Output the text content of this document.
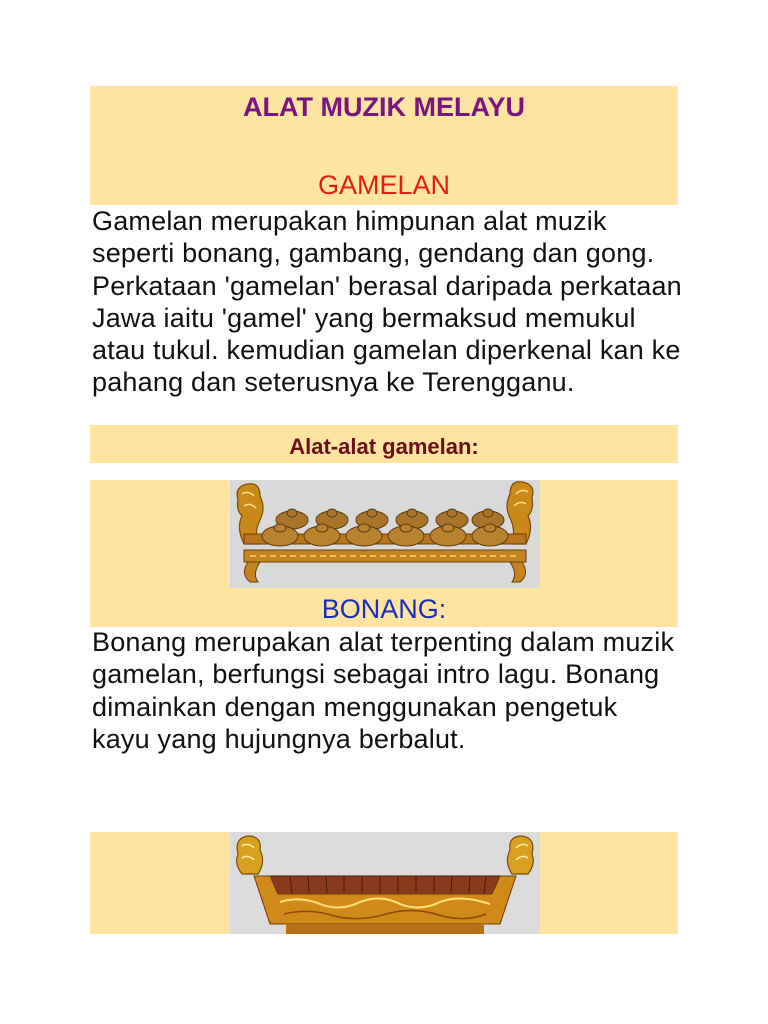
ALAT MUZIK MELAYU
GAMELAN

Gamelan merupakan himpunan alat muzik seperti bonang, gambang, gendang dan gong. Perkataan 'gamelan' berasal daripada perkataan Jawa iaitu 'gamel' yang bermaksud memukul atau tukul. kemudian gamelan diperkenal kan ke pahang dan seterusnya ke Terengganu.

Alat-alat gamelan:
BONANG:

Bonang merupakan alat terpenting dalam muzik gamelan, berfungsi sebagai intro lagu. Bonang dimainkan dengan menggunakan pengetuk kayu yang hujungnya berbalut.
